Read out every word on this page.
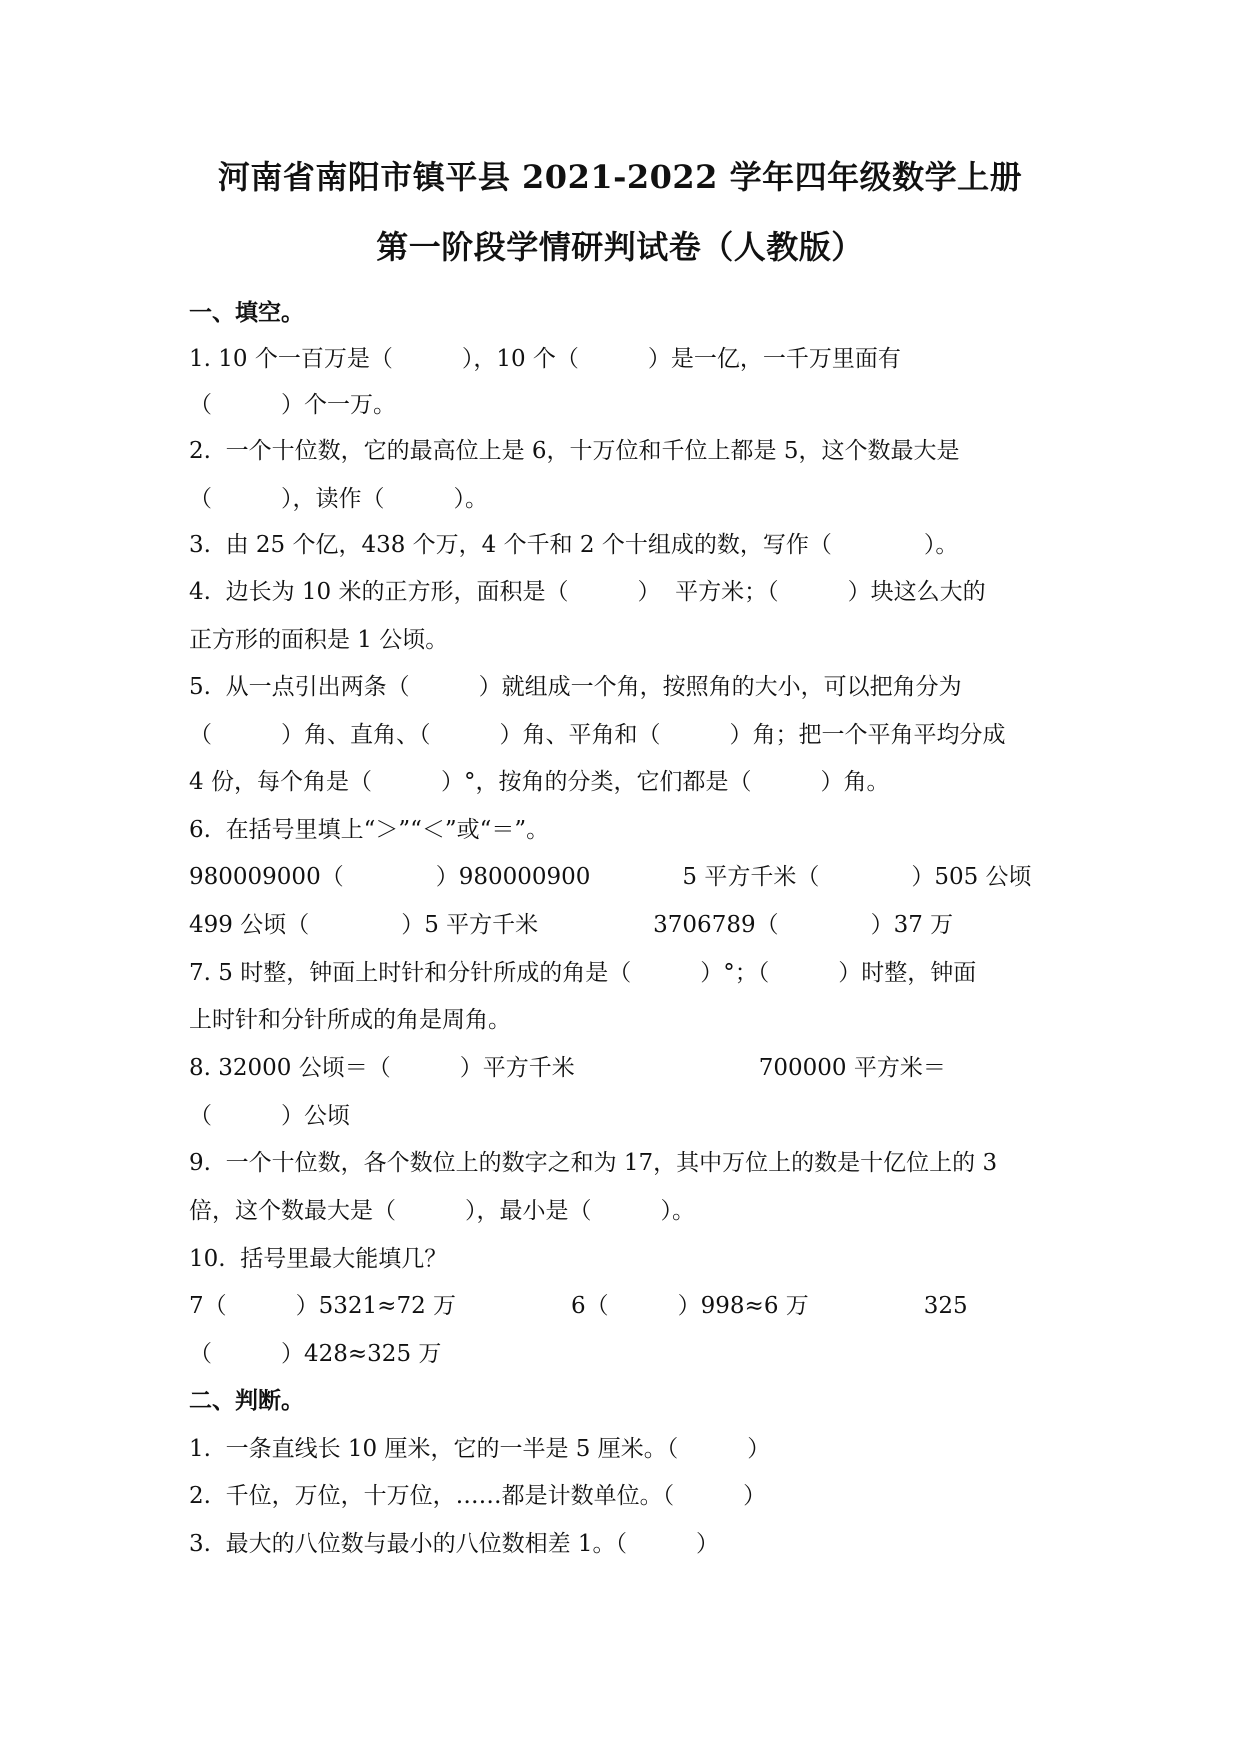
河南省南阳市镇平县 2021-2022 学年四年级数学上册
第一阶段学情研判试卷（人教版）
一、填空。
1. 10 个一百万是（　　　），10 个（　　　）是一亿，一千万里面有
（　　　）个一万。
2.  一个十位数，它的最高位上是 6，十万位和千位上都是 5，这个数最大是
（　　　），读作（　　　）。
3.  由 25 个亿，438 个万，4 个千和 2 个十组成的数，写作（　　　　）。
4.  边长为 10 米的正方形，面积是（　　　）  平方米；（　　　）块这么大的
正方形的面积是 1 公顷。
5.  从一点引出两条（　　　）就组成一个角，按照角的大小，可以把角分为
（　　　）角、直角、（　　　）角、平角和（　　　）角；把一个平角平均分成
4 份，每个角是（　　　）°，按角的分类，它们都是（　　　）角。
6.  在括号里填上“＞”“＜”或“＝”。
980009000（　　　　）980000900　　　　5 平方千米（　　　　）505 公顷
499 公顷（　　　　）5 平方千米　　　　　3706789（　　　　）37 万
7. 5 时整，钟面上时针和分针所成的角是（　　　）°；（　　　）时整，钟面
上时针和分针所成的角是周角。
8. 32000 公顷＝（　　　）平方千米　　　　　　　　700000 平方米＝
（　　　）公顷
9.  一个十位数，各个数位上的数字之和为 17，其中万位上的数是十亿位上的 3
倍，这个数最大是（　　　），最小是（　　　）。
10.  括号里最大能填几？
7（　　　）5321≈72 万　　　　　6（　　　）998≈6 万　　　　　325
（　　　）428≈325 万
二、判断。
1.  一条直线长 10 厘米，它的一半是 5 厘米。（　　　）
2.  千位，万位，十万位，……都是计数单位。（　　　）
3.  最大的八位数与最小的八位数相差 1。（　　　）
